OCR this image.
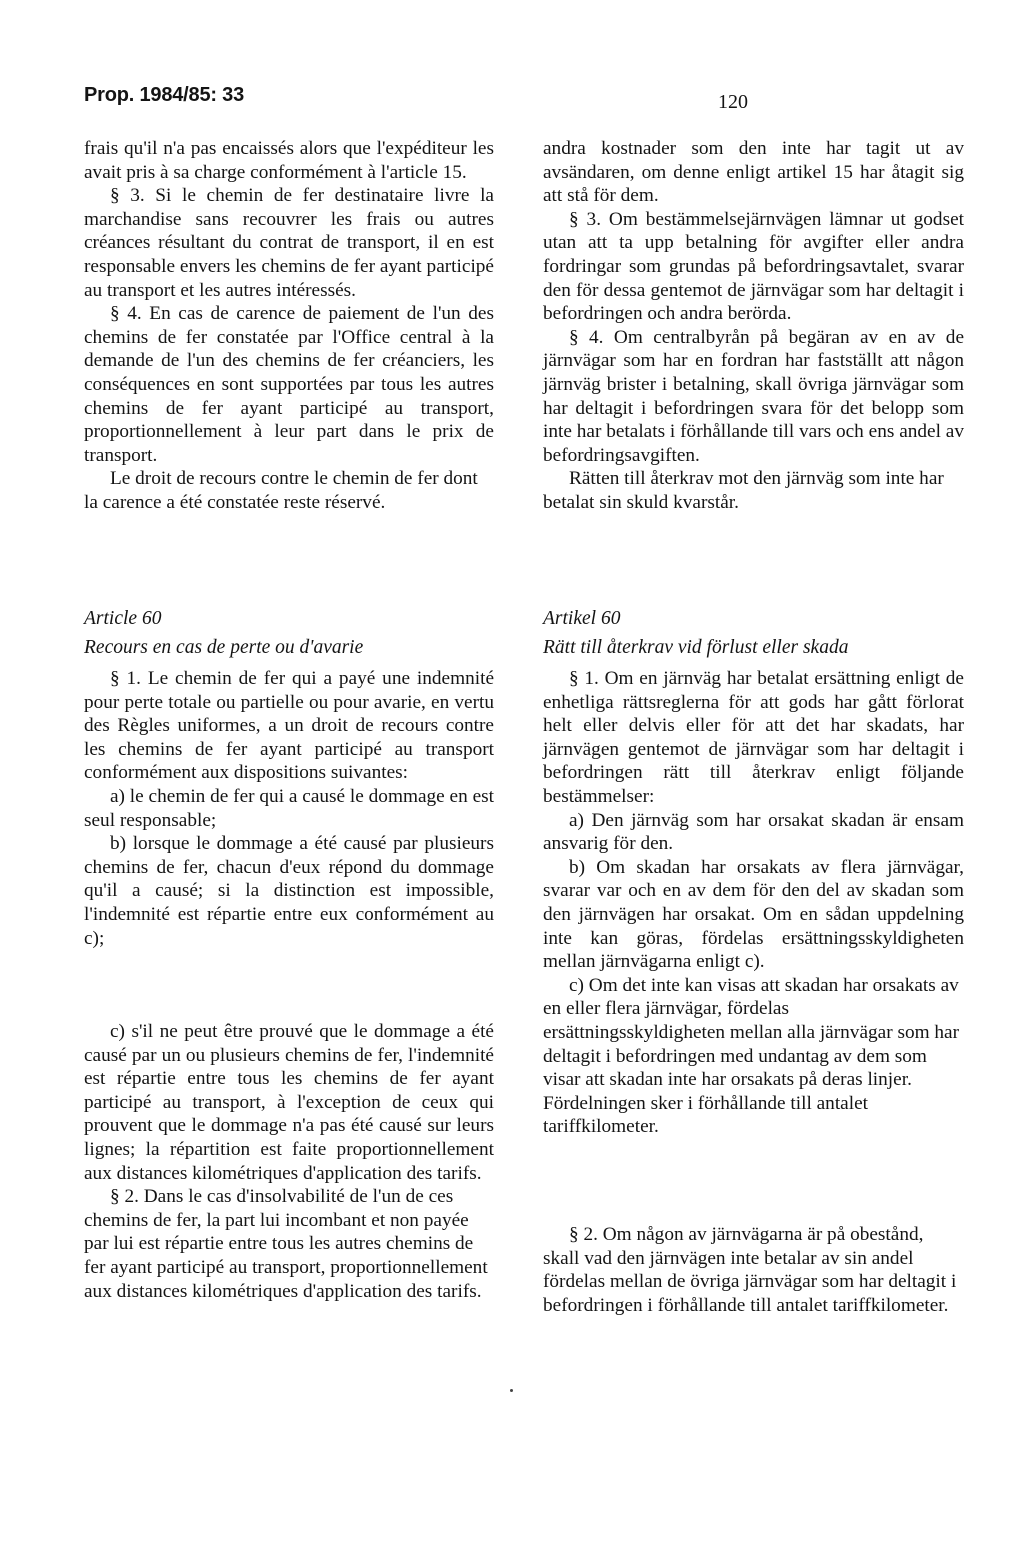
Prop. 1984/85: 33	120

frais qu'il n'a pas encaissés alors que l'expéditeur les avait pris à sa charge conformément à l'article 15.

§ 3. Si le chemin de fer destinataire livre la marchandise sans recouvrer les frais ou autres créances résultant du contrat de transport, il en est responsable envers les chemins de fer ayant participé au transport et les autres intéressés.

§ 4. En cas de carence de paiement de l'un des chemins de fer constatée par l'Office central à la demande de l'un des chemins de fer créanciers, les conséquences en sont supportées par tous les autres chemins de fer ayant participé au transport, proportionnellement à leur part dans le prix de transport.

Le droit de recours contre le chemin de fer dont la carence a été constatée reste réservé.

andra kostnader som den inte har tagit ut av avsändaren, om denne enligt artikel 15 har åtagit sig att stå för dem.

§ 3. Om bestämmelsejärnvägen lämnar ut godset utan att ta upp betalning för avgifter eller andra fordringar som grundas på befordringsavtalet, svarar den för dessa gentemot de järnvägar som har deltagit i befordringen och andra berörda.

§ 4. Om centralbyrån på begäran av en av de järnvägar som har en fordran har fastställt att någon järnväg brister i betalning, skall övriga järnvägar som har deltagit i befordringen svara för det belopp som inte har betalats i förhållande till vars och ens andel av befordringsavgiften.

Rätten till återkrav mot den järnväg som inte har betalat sin skuld kvarstår.

Article 60
Recours en cas de perte ou d'avarie
Artikel 60
Rätt till återkrav vid förlust eller skada

§ 1. Le chemin de fer qui a payé une indemnité pour perte totale ou partielle ou pour avarie, en vertu des Règles uniformes, a un droit de recours contre les chemins de fer ayant participé au transport conformément aux dispositions suivantes:

a) le chemin de fer qui a causé le dommage en est seul responsable;

b) lorsque le dommage a été causé par plusieurs chemins de fer, chacun d'eux répond du dommage qu'il a causé; si la distinction est impossible, l'indemnité est répartie entre eux conformément au c);

c) s'il ne peut être prouvé que le dommage a été causé par un ou plusieurs chemins de fer, l'indemnité est répartie entre tous les chemins de fer ayant participé au transport, à l'exception de ceux qui prouvent que le dommage n'a pas été causé sur leurs lignes; la répartition est faite proportionnellement aux distances kilométriques d'application des tarifs.

§ 2. Dans le cas d'insolvabilité de l'un de ces chemins de fer, la part lui incombant et non payée par lui est répartie entre tous les autres chemins de fer ayant participé au transport, proportionnellement aux distances kilométriques d'application des tarifs.

§ 1. Om en järnväg har betalat ersättning enligt de enhetliga rättsreglerna för att gods har gått förlorat helt eller delvis eller för att det har skadats, har järnvägen gentemot de järnvägar som har deltagit i befordringen rätt till återkrav enligt följande bestämmelser:

a) Den järnväg som har orsakat skadan är ensam ansvarig för den.

b) Om skadan har orsakats av flera järnvägar, svarar var och en av dem för den del av skadan som den järnvägen har orsakat. Om en sådan uppdelning inte kan göras, fördelas ersättningsskyldigheten mellan järnvägarna enligt c).

c) Om det inte kan visas att skadan har orsakats av en eller flera järnvägar, fördelas ersättningsskyldigheten mellan alla järnvägar som har deltagit i befordringen med undantag av dem som visar att skadan inte har orsakats på deras linjer. Fördelningen sker i förhållande till antalet tariffkilometer.

§ 2. Om någon av järnvägarna är på obestånd, skall vad den järnvägen inte betalar av sin andel fördelas mellan de övriga järnvägar som har deltagit i befordringen i förhållande till antalet tariffkilometer.
